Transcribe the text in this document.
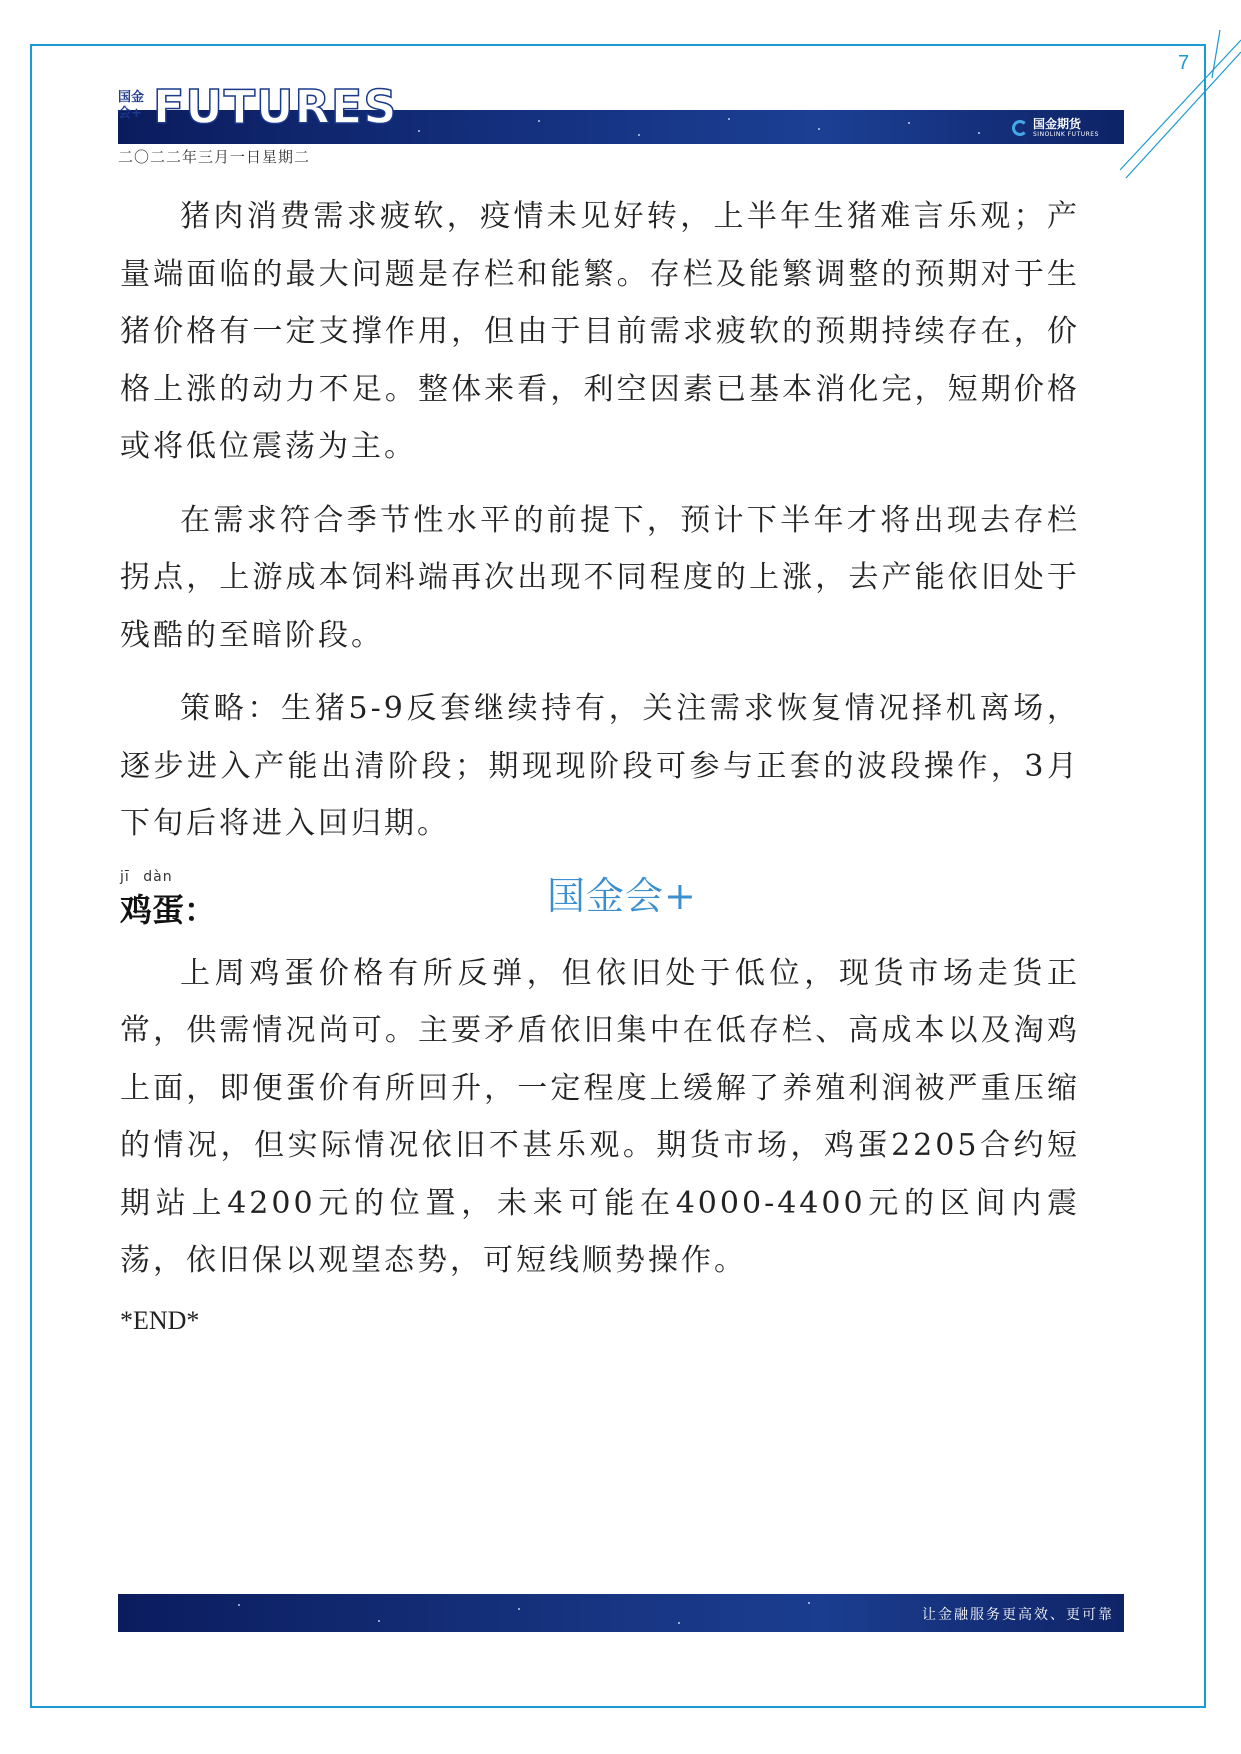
7
国金会+ FUTURES	国金期货
SINOLINK FUTURES
二〇二二年三月一日星期二

猪肉消费需求疲软，疫情未见好转，上半年生猪难言乐观；产量端面临的最大问题是存栏和能繁。存栏及能繁调整的预期对于生猪价格有一定支撑作用，但由于目前需求疲软的预期持续存在，价格上涨的动力不足。整体来看，利空因素已基本消化完，短期价格或将低位震荡为主。

在需求符合季节性水平的前提下，预计下半年才将出现去存栏拐点，上游成本饲料端再次出现不同程度的上涨，去产能依旧处于残酷的至暗阶段。

策略：生猪5-9反套继续持有，关注需求恢复情况择机离场，逐步进入产能出清阶段；期现现阶段可参与正套的波段操作，3月下旬后将进入回归期。

jī dàn
鸡蛋：	国金会+

上周鸡蛋价格有所反弹，但依旧处于低位，现货市场走货正常，供需情况尚可。主要矛盾依旧集中在低存栏、高成本以及淘鸡上面，即便蛋价有所回升，一定程度上缓解了养殖利润被严重压缩的情况，但实际情况依旧不甚乐观。期货市场，鸡蛋2205合约短期站上4200元的位置，未来可能在4000-4400元的区间内震荡，依旧保以观望态势，可短线顺势操作。

*END*
让金融服务更高效、更可靠
